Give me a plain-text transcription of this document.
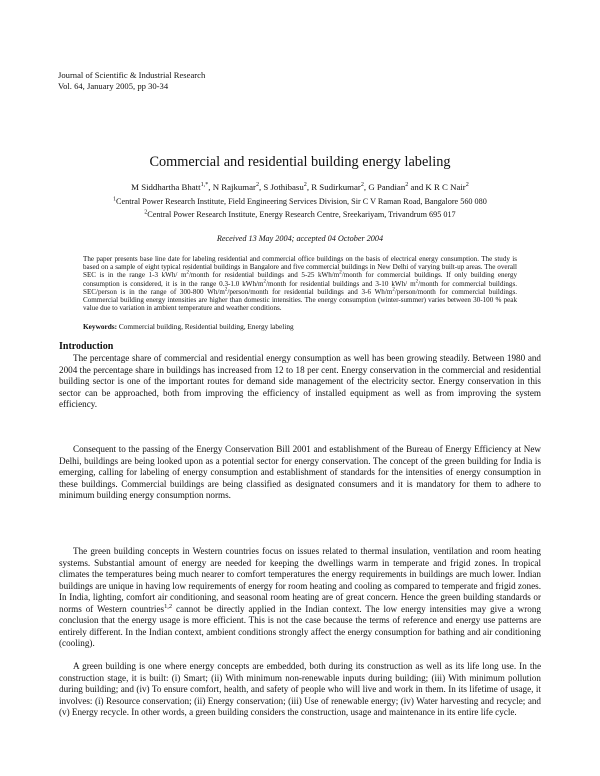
Journal of Scientific & Industrial Research
Vol. 64, January 2005, pp 30-34
Commercial and residential building energy labeling
M Siddhartha Bhatt$^{1,*}$, N Rajkumar$^2$, S Jothibasu$^2$, R Sudirkumar$^2$, G Pandian$^2$ and K R C Nair$^2$
$^1$Central Power Research Institute, Field Engineering Services Division, Sir C V Raman Road, Bangalore 560 080
$^2$Central Power Research Institute, Energy Research Centre, Sreekariyam, Trivandrum 695 017
Received 13 May 2004; accepted 04 October 2004
The paper presents base line date for labeling residential and commercial office buildings on the basis of electrical energy consumption. The study is based on a sample of eight typical residential buildings in Bangalore and five commercial buildings in New Delhi of varying built-up areas. The overall SEC is in the range 1-3 kWh/ $m^2$/month for residential buildings and 5-25 kWh/$m^2$/month for commercial buildings. If only building energy consumption is considered, it is in the range 0.3-1.0 kWh/$m^2$/month for residential buildings and 3-10 kWh/ $m^2$/month for commercial buildings. SEC/person is in the range of 300-800 $Wh/m^2/person$/month for residential buildings and 3-6 $Wh/m^2/person$/month for commercial buildings. Commercial building energy intensities are higher than domestic intensities. The energy consumption (winter-summer) varies between 30-100 % peak value due to variation in ambient temperature and weather conditions.
Keywords: Commercial building, Residential building, Energy labeling
Introduction

The percentage share of commercial and residential energy consumption as well has been growing steadily. Between 1980 and 2004 the percentage share in buildings has increased from 12 to 18 per cent. Energy conservation in the commercial and residential building sector is one of the important routes for demand side management of the electricity sector. Energy conservation in this sector can be approached, both from improving the efficiency of installed equipment as well as from improving the system efficiency.

Consequent to the passing of the Energy Conservation Bill 2001 and establishment of the Bureau of Energy Efficiency at New Delhi, buildings are being looked upon as a potential sector for energy conservation. The concept of the green building for India is emerging, calling for labeling of energy consumption and establishment of standards for the intensities of energy consumption in these buildings. Commercial buildings are being classified as designated consumers and it is mandatory for them to adhere to minimum building energy consumption norms.

The green building concepts in Western countries focus on issues related to thermal insulation, ventilation and room heating systems. Substantial amount of energy are needed for keeping the dwellings warm in temperate and frigid zones. In tropical climates the temperatures being much nearer to comfort temperatures the energy requirements in buildings are much lower. Indian buildings are unique in having low requirements of energy for room heating and cooling as compared to temperate and frigid zones. In India, lighting, comfort air conditioning, and seasonal room heating are of great concern. Hence the green building standards or norms of Western countries$^{1,2}$ cannot be directly applied in the Indian context. The low energy intensities may give a wrong conclusion that the energy usage is more efficient. This is not the case because the terms of reference and energy use patterns are entirely different. In the Indian context, ambient conditions strongly affect the energy consumption for bathing and air conditioning (cooling).

A green building is one where energy concepts are embedded, both during its construction as well as its life long use. In the construction stage, it is built: (i) Smart; (ii) With minimum non-renewable inputs during building; (iii) With minimum pollution during building; and (iv) To ensure comfort, health, and safety of people who will live and work in them. In its lifetime of usage, it involves: (i) Resource conservation; (ii) Energy conservation; (iii) Use of renewable energy; (iv) Water harvesting and recycle; and (v) Energy recycle. In other words, a green building considers the construction, usage and maintenance in its entire life cycle.
